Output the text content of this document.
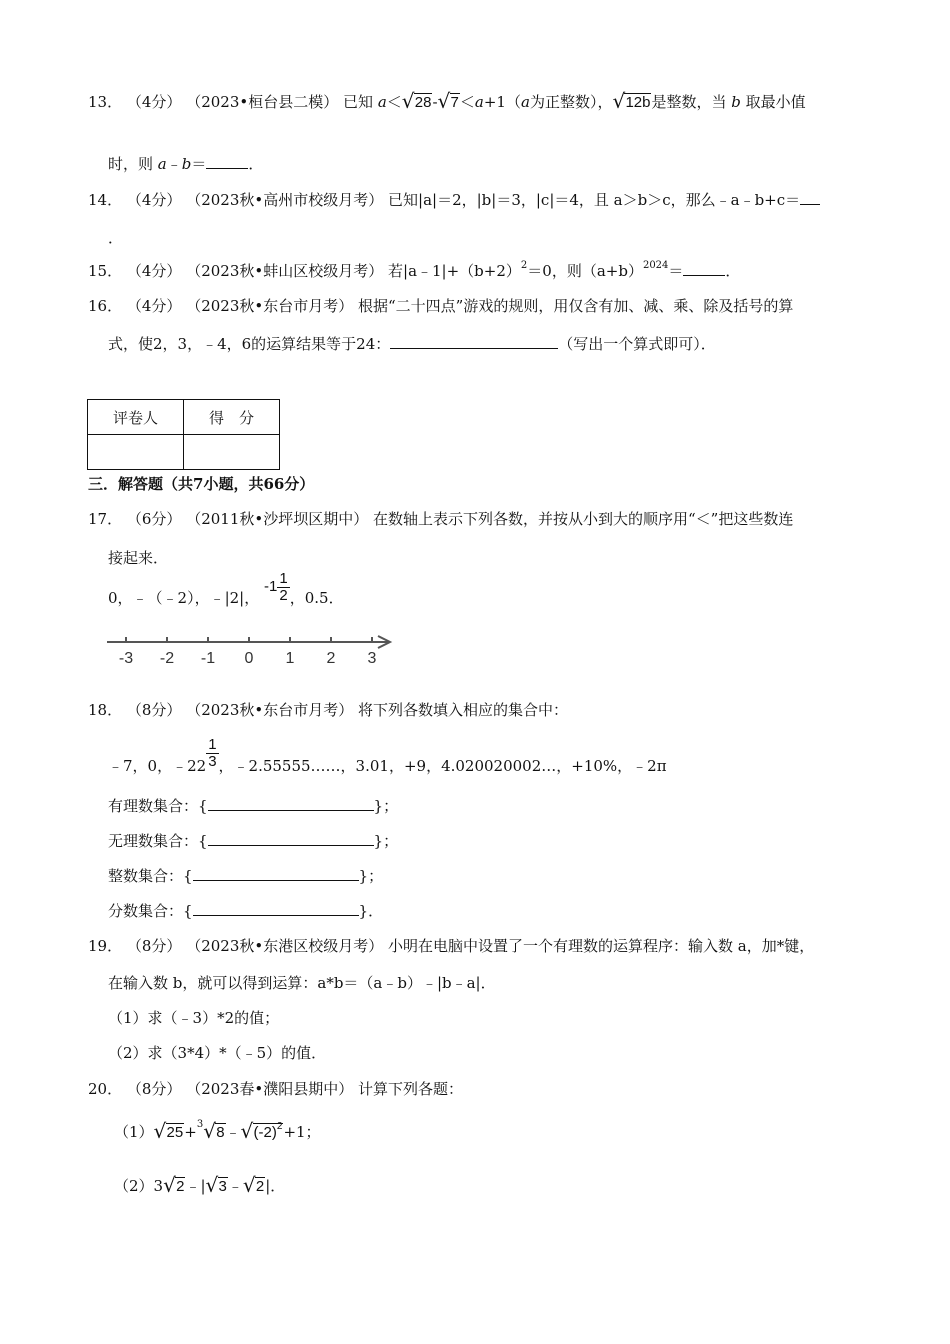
13． （4分） （2023•桓台县二模） 已知 a＜ √ 28- √ 7＜a+1（a为正整数）， √ 12b是整数，当 b 取最小值
时，则 a﹣b＝	．
14． （4分） （2023秋•高州市校级月考） 已知|a|＝2，|b|＝3，|c|＝4，且 a＞b＞c，那么﹣a﹣b+c＝
．
15． （4分） （2023秋•蚌山区校级月考） 若$|a﹣1|+(b+2)^2=0$，则$(a+b)^{2024}=$	．
16． （4分） （2023秋•东台市月考） 根据“二十四点”游戏的规则，用仅含有加、减、乘、除及括号的算
式，使2，3，﹣4，6的运算结果等于24：	（写出一个算式即可）．
评卷人	得　分

三．解答题（共7小题，共66分）
17． （6分） （2011秋•沙坪坝区期中） 在数轴上表示下列各数，并按从小到大的顺序用“＜”把这些数连
接起来．
0，﹣（﹣2），﹣|2|， $-1 \frac{1}{2}$ ，0.5．
-3 -2 -1 0 1 2 3
18． （8分） （2023秋•东台市月考） 将下列各数填入相应的集合中：
﹣7，0，﹣22 $\frac{1}{3}$ ，﹣2.55555……，3.01，+9，4.020020002…，+10%，﹣2π
有理数集合：{	}；
无理数集合：{	}；
整数集合：{	}；
分数集合：{	}．
19． （8分） （2023秋•东港区校级月考） 小明在电脑中设置了一个有理数的运算程序：输入数 a，加*键，
在输入数 b，就可以得到运算：a*b＝（a﹣b）﹣|b﹣a|．
（1）求（﹣3）*2的值；
（2）求（3*4）*（﹣5）的值．
20． （8分） （2023春•濮阳县期中） 计算下列各题：
（1） √ 25+$^3$ √ 8﹣ √ $(-2)^2+1$；
（2）3 √ 2﹣| √ 3﹣ √ 2|．
